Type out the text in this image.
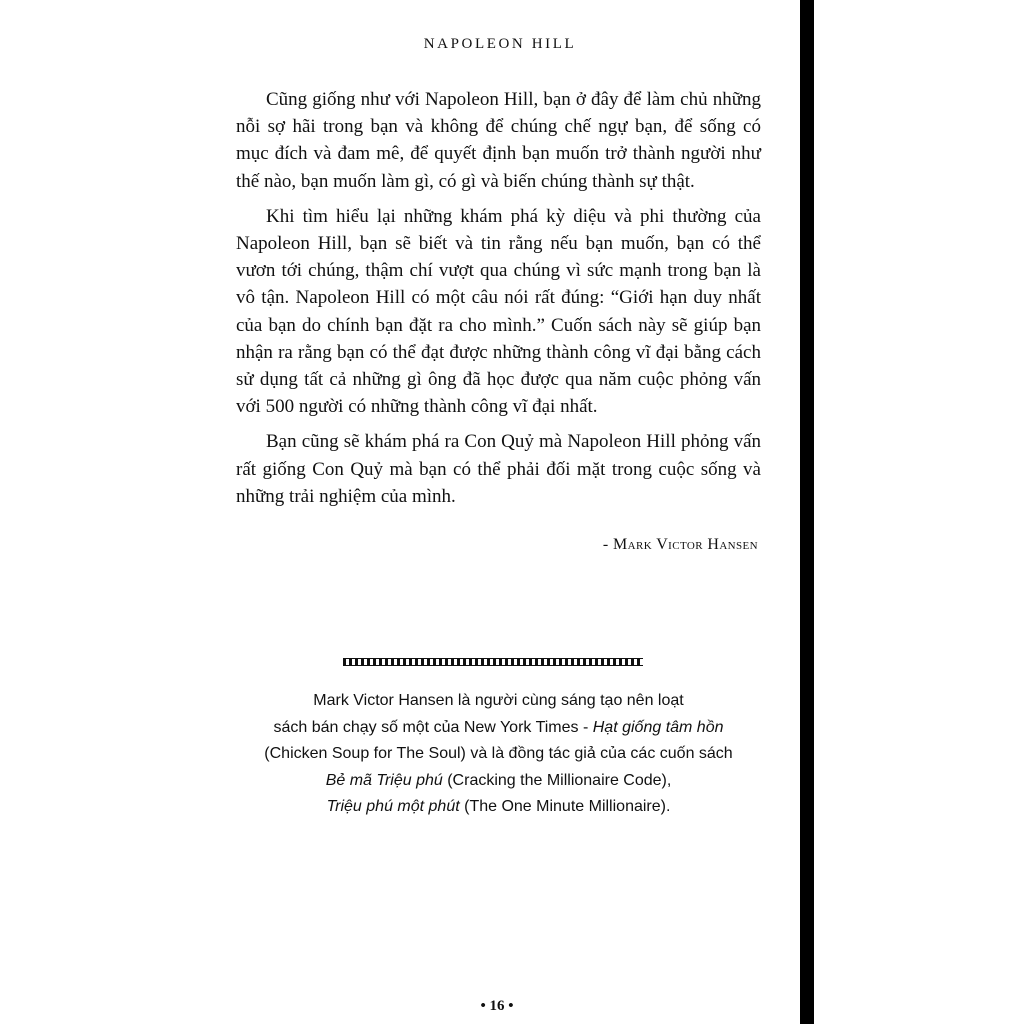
NAPOLEON HILL

Cũng giống như với Napoleon Hill, bạn ở đây để làm chủ những nỗi sợ hãi trong bạn và không để chúng chế ngự bạn, để sống có mục đích và đam mê, để quyết định bạn muốn trở thành người như thế nào, bạn muốn làm gì, có gì và biến chúng thành sự thật.

Khi tìm hiểu lại những khám phá kỳ diệu và phi thường của Napoleon Hill, bạn sẽ biết và tin rằng nếu bạn muốn, bạn có thể vươn tới chúng, thậm chí vượt qua chúng vì sức mạnh trong bạn là vô tận. Napoleon Hill có một câu nói rất đúng: “Giới hạn duy nhất của bạn do chính bạn đặt ra cho mình.” Cuốn sách này sẽ giúp bạn nhận ra rằng bạn có thể đạt được những thành công vĩ đại bằng cách sử dụng tất cả những gì ông đã học được qua năm cuộc phỏng vấn với 500 người có những thành công vĩ đại nhất.

Bạn cũng sẽ khám phá ra Con Quỷ mà Napoleon Hill phỏng vấn rất giống Con Quỷ mà bạn có thể phải đối mặt trong cuộc sống và những trải nghiệm của mình.

- Mark Victor Hansen
Mark Victor Hansen là người cùng sáng tạo nên loạt
sách bán chạy số một của New York Times - Hạt giống tâm hồn
(Chicken Soup for The Soul) và là đồng tác giả của các cuốn sách
Bẻ mã Triệu phú (Cracking the Millionaire Code),
Triệu phú một phút (The One Minute Millionaire).
• 16 •
